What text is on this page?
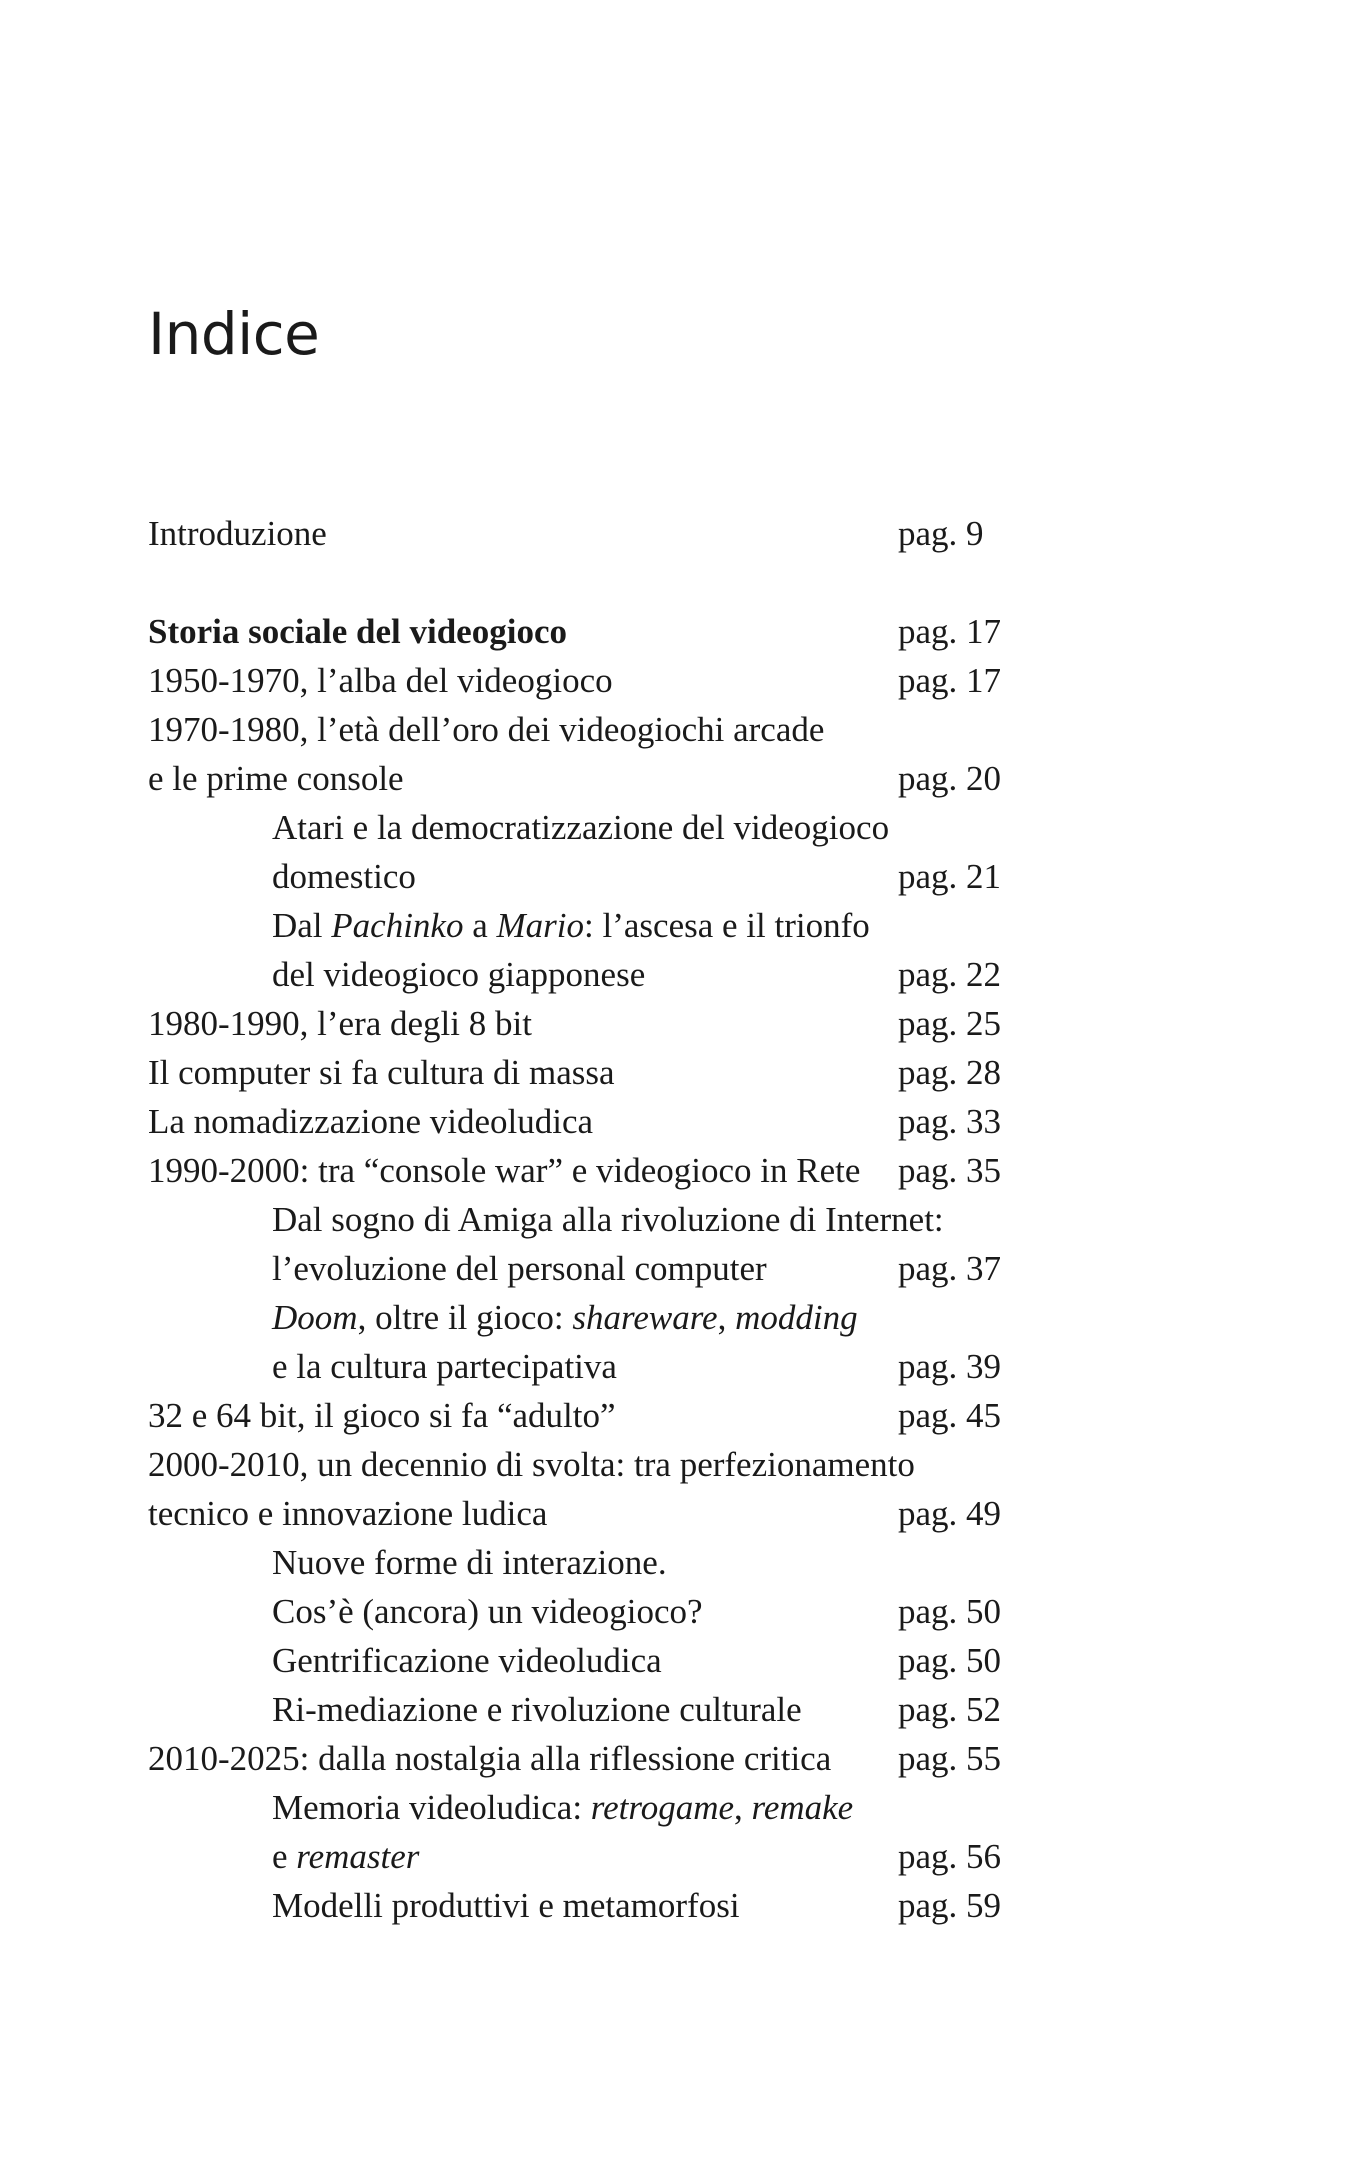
Indice
Introduzione	pag. 9
Storia sociale del videogioco	pag. 17
1950-1970, l’alba del videogioco	pag. 17
1970-1980, l’età dell’oro dei videogiochi arcade
e le prime console	pag. 20
Atari e la democratizzazione del videogioco
domestico	pag. 21
Dal Pachinko a Mario: l’ascesa e il trionfo
del videogioco giapponese	pag. 22
1980-1990, l’era degli 8 bit	pag. 25
Il computer si fa cultura di massa	pag. 28
La nomadizzazione videoludica	pag. 33
1990-2000: tra “console war” e videogioco in Rete pag. 35
Dal sogno di Amiga alla rivoluzione di Internet:
l’evoluzione del personal computer	pag. 37
Doom, oltre il gioco: shareware, modding
e la cultura partecipativa	pag. 39
32 e 64 bit, il gioco si fa “adulto”	pag. 45
2000-2010, un decennio di svolta: tra perfezionamento
tecnico e innovazione ludica	pag. 49
Nuove forme di interazione.
Cos’è (ancora) un videogioco?	pag. 50
Gentrificazione videoludica	pag. 50
Ri-mediazione e rivoluzione culturale	pag. 52
2010-2025: dalla nostalgia alla riflessione critica pag. 55
Memoria videoludica: retrogame, remake
e remaster	pag. 56
Modelli produttivi e metamorfosi	pag. 59
